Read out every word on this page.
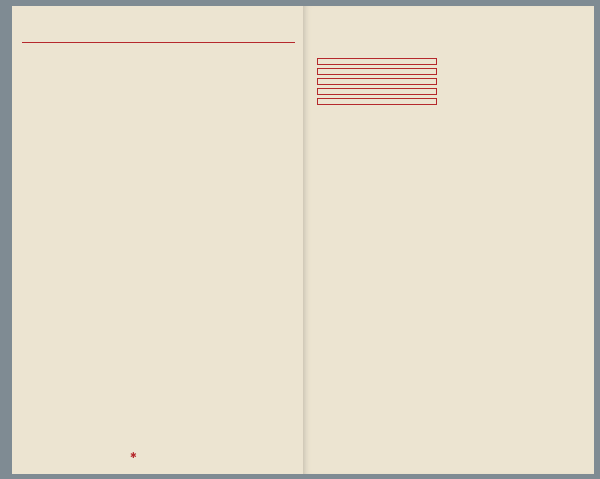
✱
